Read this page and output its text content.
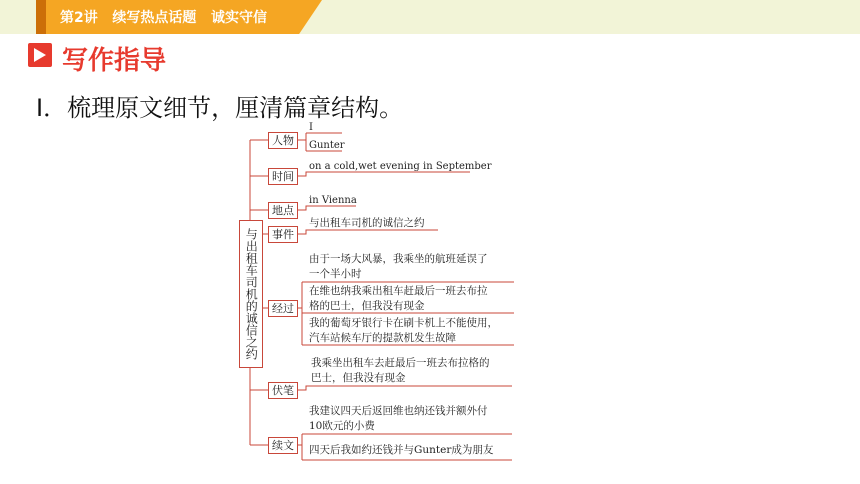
第2讲   续写热点话题   诚实守信
写作指导
Ⅰ．梳理原文细节，厘清篇章结构。
与出租车司机的诚信之约
人物
时间
地点
事件
经过
伏笔
续文
I
Gunter
on a cold,wet evening in September
in Vienna
与出租车司机的诚信之约
由于一场大风暴，我乘坐的航班延误了
一个半小时
在维也纳我乘出租车赶最后一班去布拉
格的巴士，但我没有现金
我的葡萄牙银行卡在刷卡机上不能使用，
汽车站候车厅的提款机发生故障
我乘坐出租车去赶最后一班去布拉格的
巴士，但我没有现金
我建议四天后返回维也纳还钱并额外付
10欧元的小费
四天后我如约还钱并与Gunter成为朋友
